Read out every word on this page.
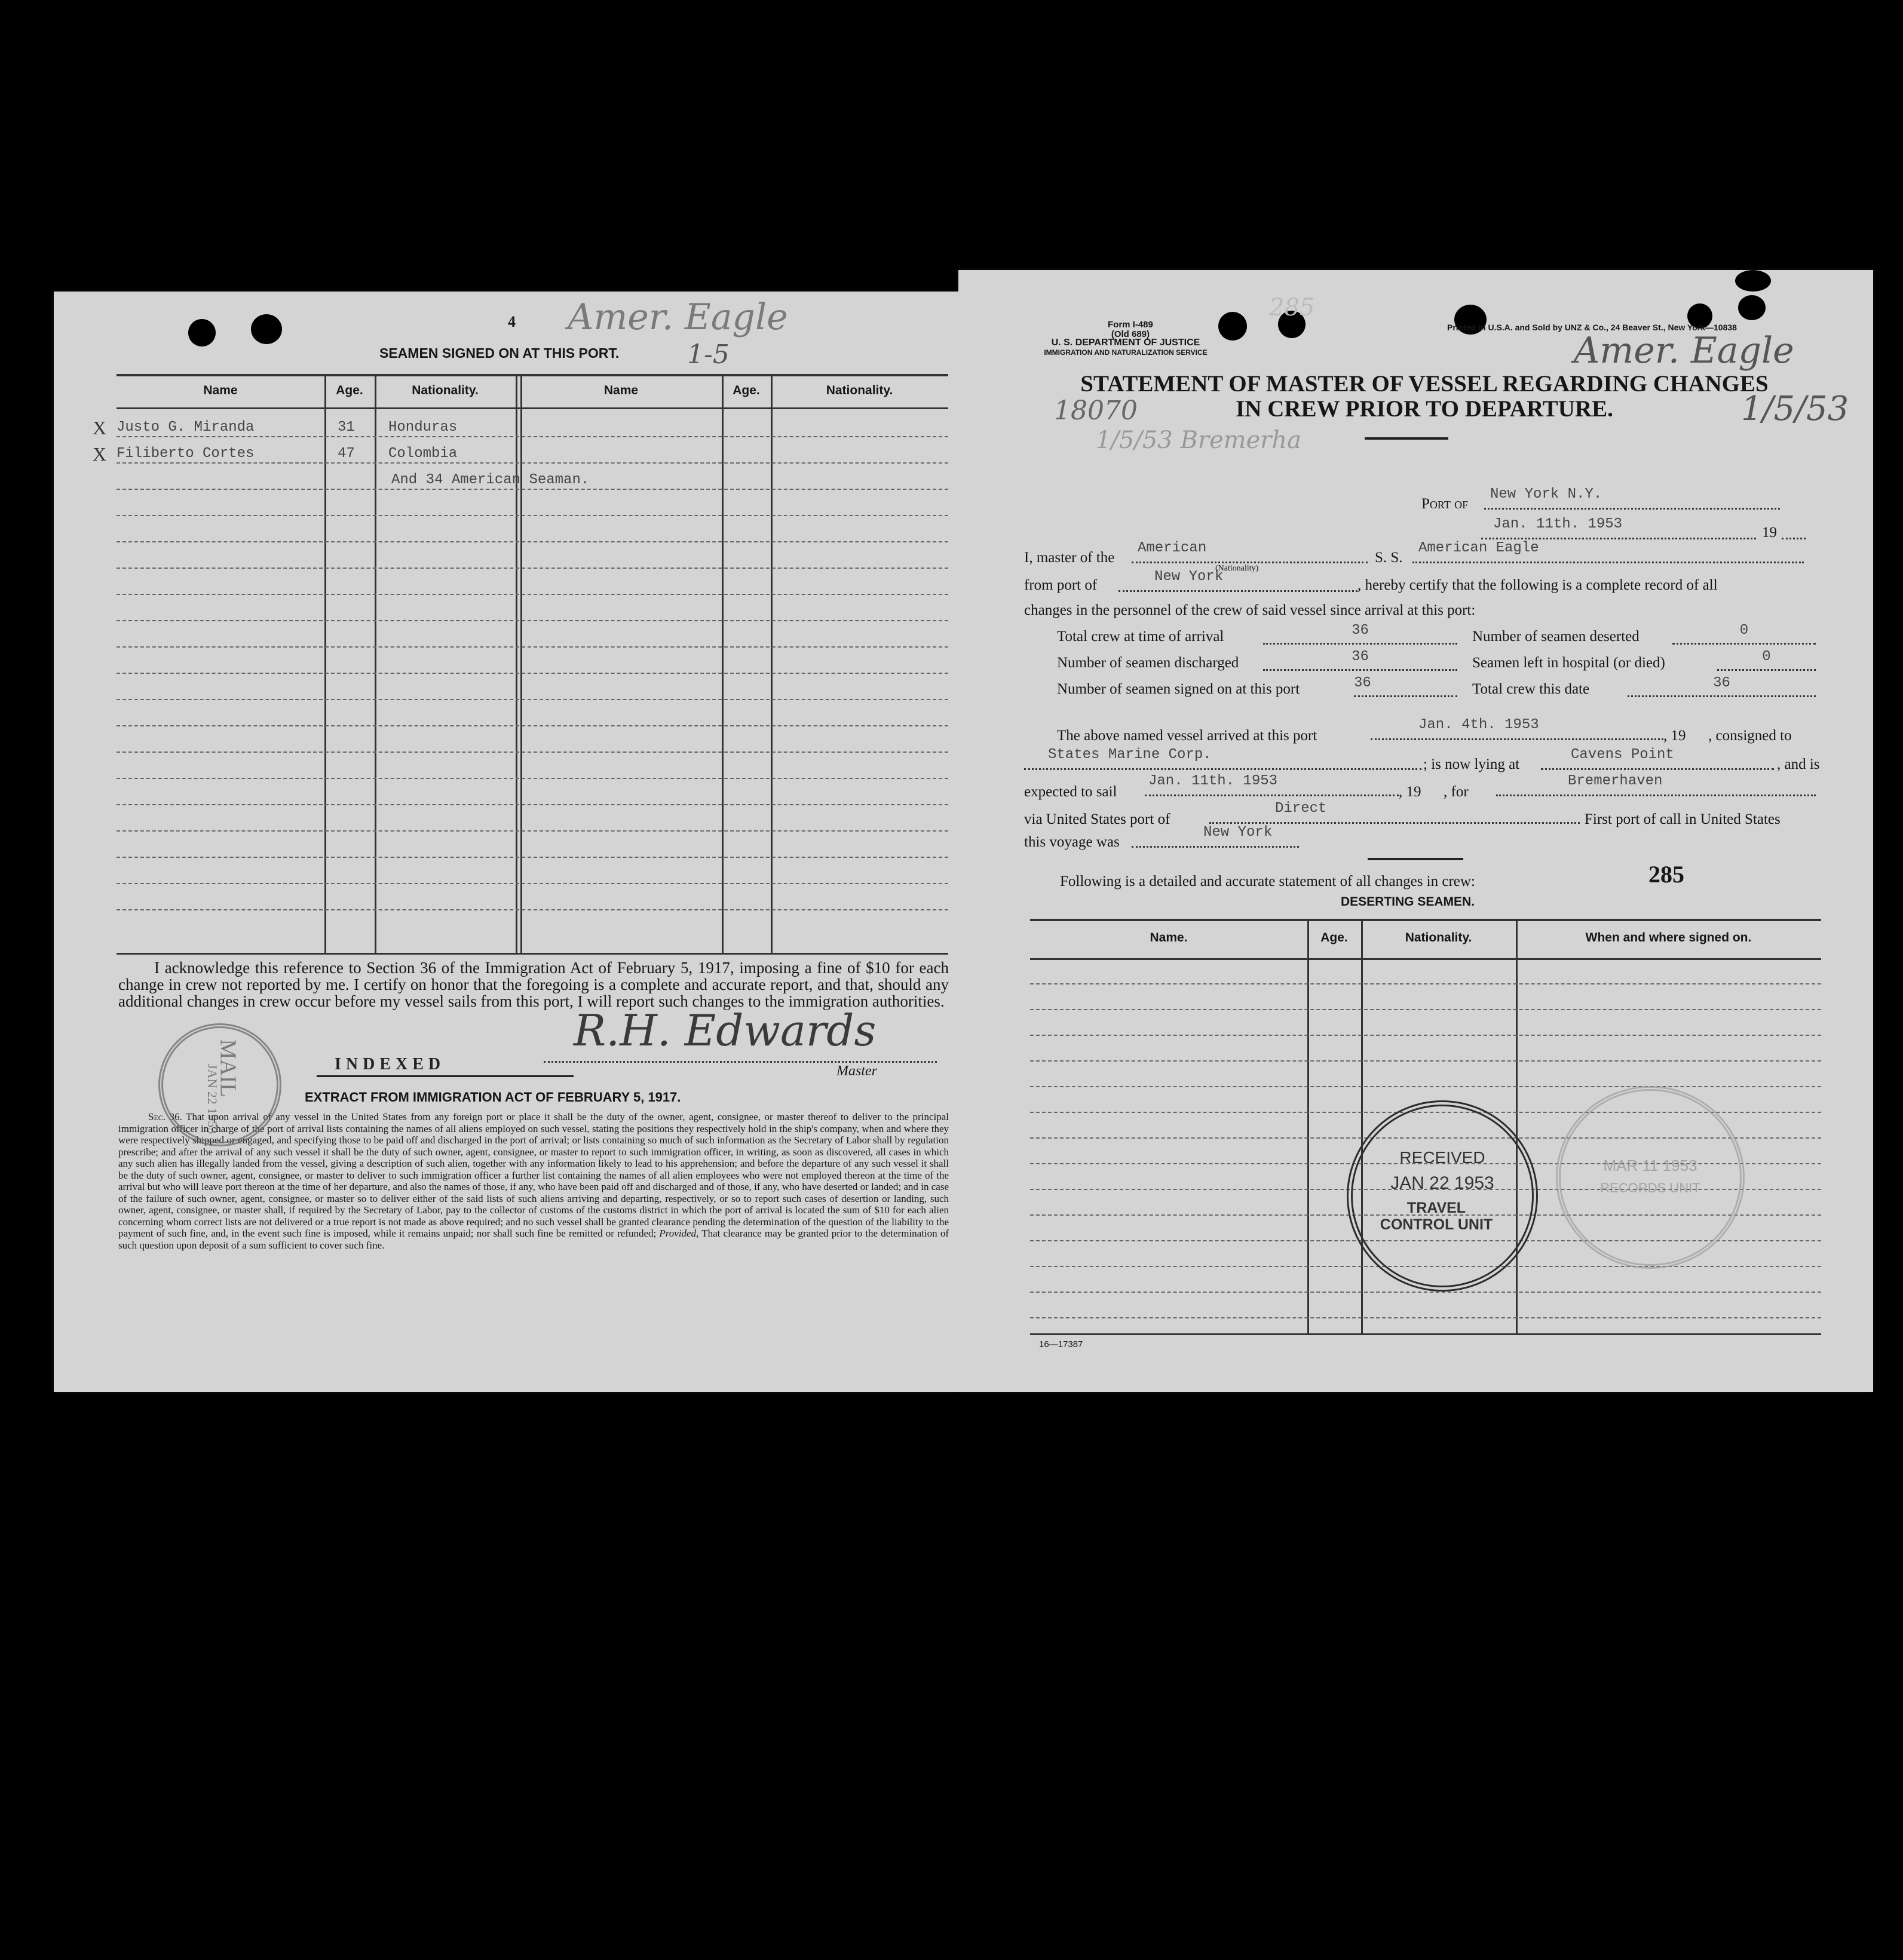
4 Amer. Eagle
1-5
SEAMEN SIGNED ON AT THIS PORT.
Name	Age.	Nationality.	Name	Age.	Nationality.
X Justo G. Miranda	31 Honduras
X Filiberto Cortes	47 Colombia
And 34 American Seaman.
I acknowledge this reference to Section 36 of the Immigration Act of February 5, 1917, imposing a fine of $10 for each change in crew not reported by me. I certify on honor that the foregoing is a complete and accurate report, and that, should any additional changes in crew occur before my vessel sails from this port, I will report such changes to the immigration authorities.
R.H. Edwards
Master
INDEXED
EXTRACT FROM IMMIGRATION ACT OF FEBRUARY 5, 1917.
Sec. 36. That upon arrival of any vessel in the United States from any foreign port or place it shall be the duty of the owner, agent, consignee, or master thereof to deliver to the principal immigration officer in charge of the port of arrival lists containing the names of all aliens employed on such vessel, stating the positions they respectively hold in the ship's company, when and where they were respectively shipped or engaged, and specifying those to be paid off and discharged in the port of arrival; or lists containing so much of such information as the Secretary of Labor shall by regulation prescribe; and after the arrival of any such vessel it shall be the duty of such owner, agent, consignee, or master to report to such immigration officer, in writing, as soon as discovered, all cases in which any such alien has illegally landed from the vessel, giving a description of such alien, together with any information likely to lead to his apprehension; and before the departure of any such vessel it shall be the duty of such owner, agent, consignee, or master to deliver to such immigration officer a further list containing the names of all alien employees who were not employed thereon at the time of the arrival but who will leave port thereon at the time of her departure, and also the names of those, if any, who have been paid off and discharged and of those, if any, who have deserted or landed; and in case of the failure of such owner, agent, consignee, or master so to deliver either of the said lists of such aliens arriving and departing, respectively, or so to report such cases of desertion or landing, such owner, agent, consignee, or master shall, if required by the Secretary of Labor, pay to the collector of customs of the customs district in which the port of arrival is located the sum of $10 for each alien concerning whom correct lists are not delivered or a true report is not made as above required; and no such vessel shall be granted clearance pending the determination of the question of the liability to the payment of such fine, and, in the event such fine is imposed, while it remains unpaid; nor shall such fine be remitted or refunded; Provided, That clearance may be granted prior to the determination of such question upon deposit of a sum sufficient to cover such fine.
MAIL
JAN 22 1953
Form I-489
(Old 689)
U. S. DEPARTMENT OF JUSTICE
IMMIGRATION AND NATURALIZATION SERVICE
Printed in U.S.A. and Sold by UNZ & Co., 24 Beaver St., New York—10838
Amer. Eagle
1/5/53
18070
1/5/53 Bremerha
285
STATEMENT OF MASTER OF VESSEL REGARDING CHANGES
IN CREW PRIOR TO DEPARTURE.
Port of
New York N.Y.
Jan. 11th. 1953
19
I, master of the
American
(Nationality)
S. S.
American Eagle
from port of
New York
, hereby certify that the following is a complete record of all
changes in the personnel of the crew of said vessel since arrival at this port:
Total crew at time of arrival	36	Number of seamen deserted	0
Number of seamen discharged	36	Seamen left in hospital (or died)	0
Number of seamen signed on at this port	36	Total crew this date	36
The above named vessel arrived at this port
Jan. 4th. 1953
, 19      , consigned to
States Marine Corp.
; is now lying at
Cavens Point
, and is
expected to sail
Jan. 11th. 1953
, 19      , for
Bremerhaven
via United States port of
Direct
First port of call in United States
this voyage was
New York
Following is a detailed and accurate statement of all changes in crew:	285
DESERTING SEAMEN.
Name.	Age.	Nationality.	When and where signed on.
RECEIVED
JAN 22 1953
TRAVEL CONTROL UNIT
MAR 11 1953
RECORDS UNIT
16—17387
